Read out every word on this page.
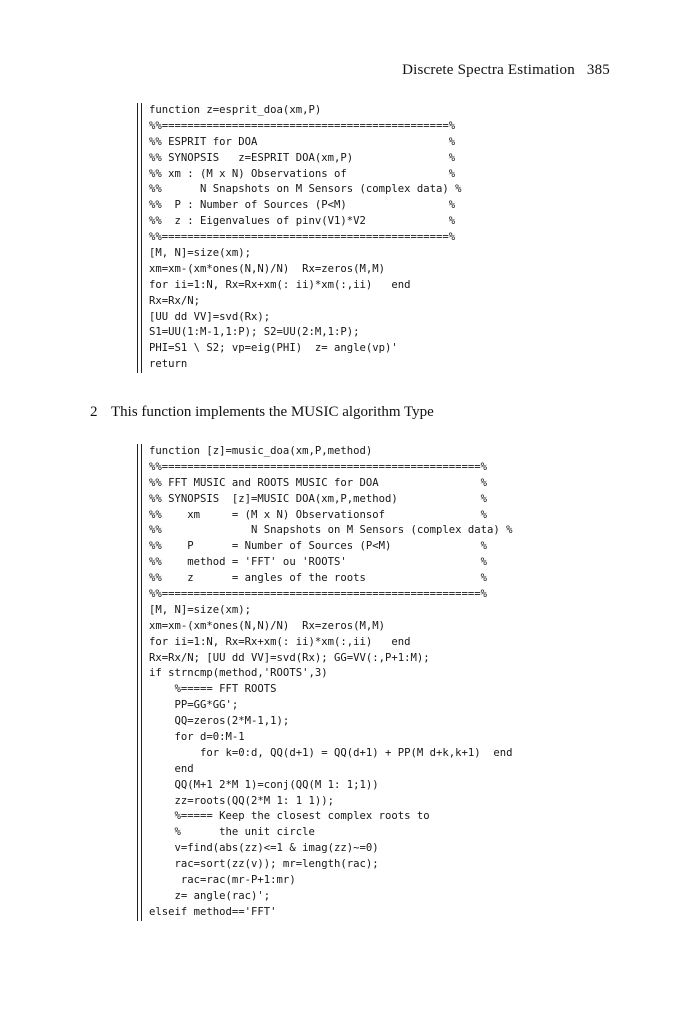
Discrete Spectra Estimation 385
function z=esprit_doa(xm,P)
%%=============================================%
%% ESPRIT for DOA                              %
%% SYNOPSIS   z=ESPRIT DOA(xm,P)               %
%% xm : (M x N) Observations of                %
%%      N Snapshots on M Sensors (complex data) %
%%  P : Number of Sources (P<M)                %
%%  z : Eigenvalues of pinv(V1)*V2             %
%%=============================================%
[M, N]=size(xm);
xm=xm-(xm*ones(N,N)/N)  Rx=zeros(M,M)
for ii=1:N, Rx=Rx+xm(: ii)*xm(:,ii)   end
Rx=Rx/N;
[UU dd VV]=svd(Rx);
S1=UU(1:M-1,1:P); S2=UU(2:M,1:P);
PHI=S1 \ S2; vp=eig(PHI)  z= angle(vp)'
return
2 This function implements the MUSIC algorithm Type
function [z]=music_doa(xm,P,method)
%%==================================================%
%% FFT MUSIC and ROOTS MUSIC for DOA                %
%% SYNOPSIS  [z]=MUSIC DOA(xm,P,method)             %
%%    xm     = (M x N) Observationsof               %
%%              N Snapshots on M Sensors (complex data) %
%%    P      = Number of Sources (P<M)              %
%%    method = 'FFT' ou 'ROOTS'                     %
%%    z      = angles of the roots                  %
%%==================================================%
[M, N]=size(xm);
xm=xm-(xm*ones(N,N)/N)  Rx=zeros(M,M)
for ii=1:N, Rx=Rx+xm(: ii)*xm(:,ii)   end
Rx=Rx/N; [UU dd VV]=svd(Rx); GG=VV(:,P+1:M);
if strncmp(method,'ROOTS',3)
%===== FFT ROOTS
PP=GG*GG';
QQ=zeros(2*M-1,1);
for d=0:M-1
for k=0:d, QQ(d+1) = QQ(d+1) + PP(M d+k,k+1)  end
end
QQ(M+1 2*M 1)=conj(QQ(M 1: 1;1))
zz=roots(QQ(2*M 1: 1 1));
%===== Keep the closest complex roots to
%      the unit circle
v=find(abs(zz)<=1 & imag(zz)~=0)
rac=sort(zz(v)); mr=length(rac);
rac=rac(mr-P+1:mr)
z= angle(rac)';
elseif method=='FFT'
